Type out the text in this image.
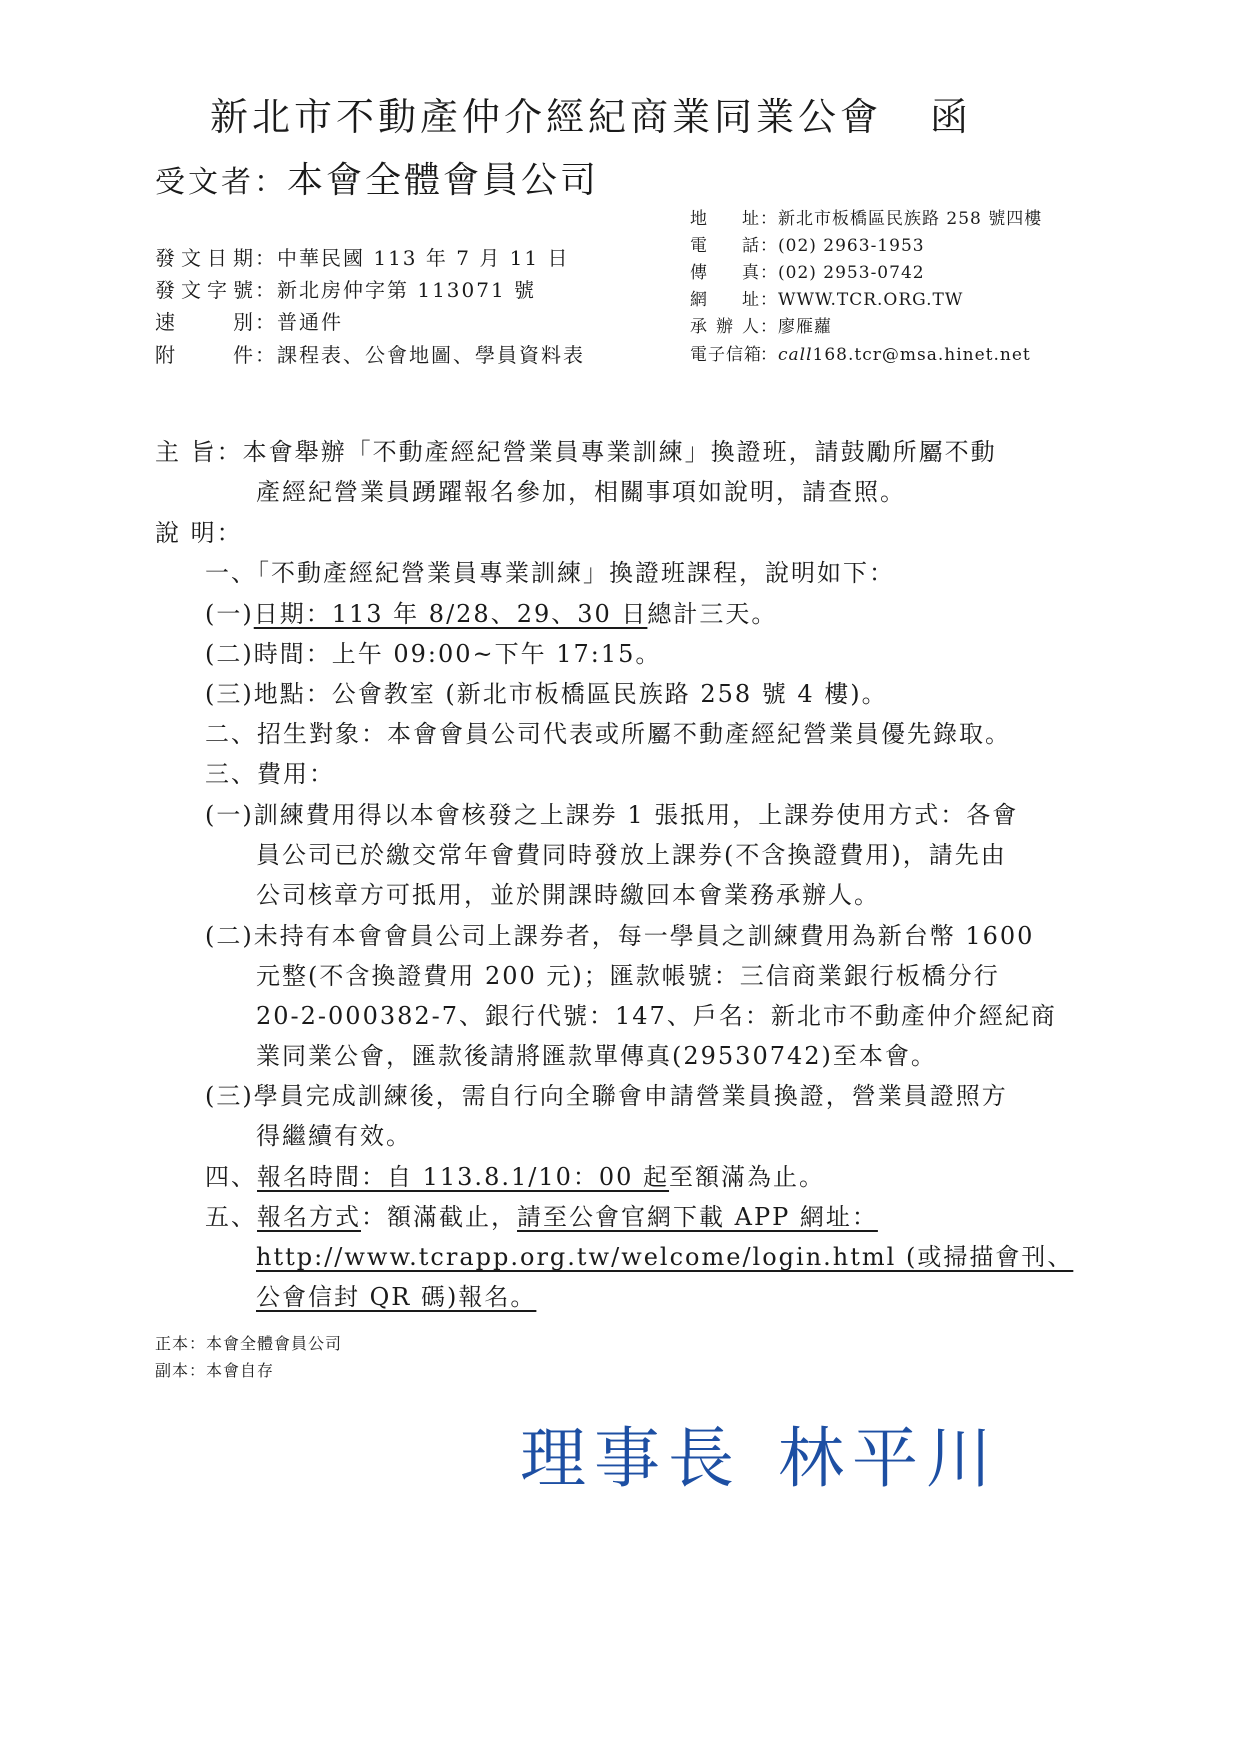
新北市不動產仲介經紀商業同業公會 函
受文者：本會全體會員公司
發文日期：中華民國 113 年 7 月 11 日
發文字號：新北房仲字第 113071 號
速 別：普通件
附 件：課程表、公會地圖、學員資料表
地 址：新北市板橋區民族路 258 號四樓
電 話：(02) 2963-1953
傳 真：(02) 2953-0742
網 址：WWW.TCR.ORG.TW
承 辦 人：廖雁蘿
電子信箱：call168.tcr@msa.hinet.net
主 旨：本會舉辦「不動產經紀營業員專業訓練」換證班，請鼓勵所屬不動
產經紀營業員踴躍報名參加，相關事項如說明，請查照。
說 明：
一、「不動產經紀營業員專業訓練」換證班課程，說明如下：
(一)日期：113 年 8/28、29、30 日總計三天。
(二)時間：上午 09:00~下午 17:15。
(三)地點：公會教室 (新北市板橋區民族路 258 號 4 樓)。
二、招生對象：本會會員公司代表或所屬不動產經紀營業員優先錄取。
三、費用：
(一)訓練費用得以本會核發之上課券 1 張抵用，上課券使用方式：各會
員公司已於繳交常年會費同時發放上課券(不含換證費用)，請先由
公司核章方可抵用，並於開課時繳回本會業務承辦人。
(二)未持有本會會員公司上課券者，每一學員之訓練費用為新台幣 1600
元整(不含換證費用 200 元)；匯款帳號：三信商業銀行板橋分行
20-2-000382-7、銀行代號：147、戶名：新北市不動產仲介經紀商
業同業公會，匯款後請將匯款單傳真(29530742)至本會。
(三)學員完成訓練後，需自行向全聯會申請營業員換證，營業員證照方
得繼續有效。
四、報名時間：自 113.8.1/10：00 起至額滿為止。
五、報名方式：額滿截止，請至公會官網下載 APP 網址：
http://www.tcrapp.org.tw/welcome/login.html (或掃描會刊、
公會信封 QR 碼)報名。
正本：本會全體會員公司
副本：本會自存
理事長 林平川
